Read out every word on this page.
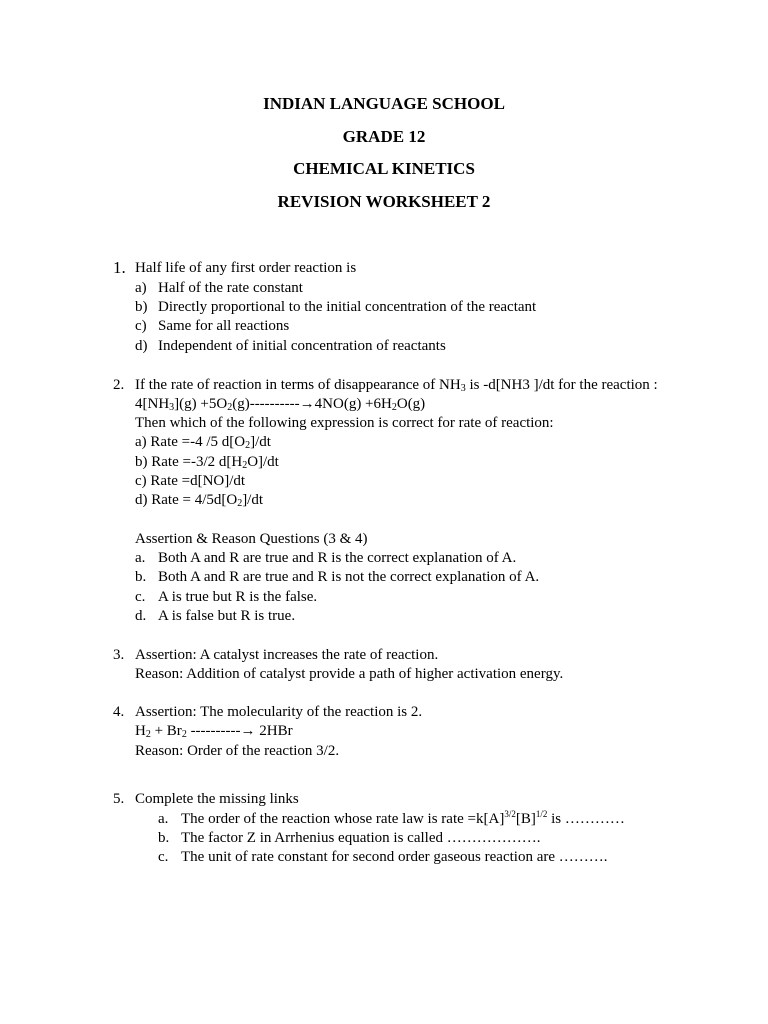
INDIAN LANGUAGE SCHOOL
GRADE 12
CHEMICAL KINETICS
REVISION WORKSHEET 2
1. Half life of any first order reaction is
a) Half of the rate constant
b) Directly proportional to the initial concentration of the reactant
c) Same for all reactions
d) Independent of initial concentration of reactants
2. If the rate of reaction in terms of disappearance of $NH_3$ is -d[NH3 ]/dt for the reaction :
$4[NH_3](g) +5O_2(g)----------\to 4NO(g) +6H_2O(g)$
Then which of the following expression is correct for rate of reaction:
a) Rate =-4 /5 $d[O_2]/dt$
b) Rate =-3/2 $d[H_2O]/dt$
c) Rate =d[NO]/dt
d) Rate = $4/5d[O_2]/dt$
Assertion & Reason Questions (3 & 4)
a. Both A and R are true and R is the correct explanation of A.
b. Both A and R are true and R is not the correct explanation of A.
c. A is true but R is the false.
d. A is false but R is true.
3. Assertion: A catalyst increases the rate of reaction.
Reason: Addition of catalyst provide a path of higher activation energy.
4. Assertion: The molecularity of the reaction is 2.
$H_2 + Br_2$ ----------→ 2HBr
Reason: Order of the reaction 3/2.
5. Complete the missing links
a. The order of the reaction whose rate law is rate $=k[A]^{3/2}[B]^{1/2}$ is …………
b. The factor Z in Arrhenius equation is called ……………….
c. The unit of rate constant for second order gaseous reaction are ……….
